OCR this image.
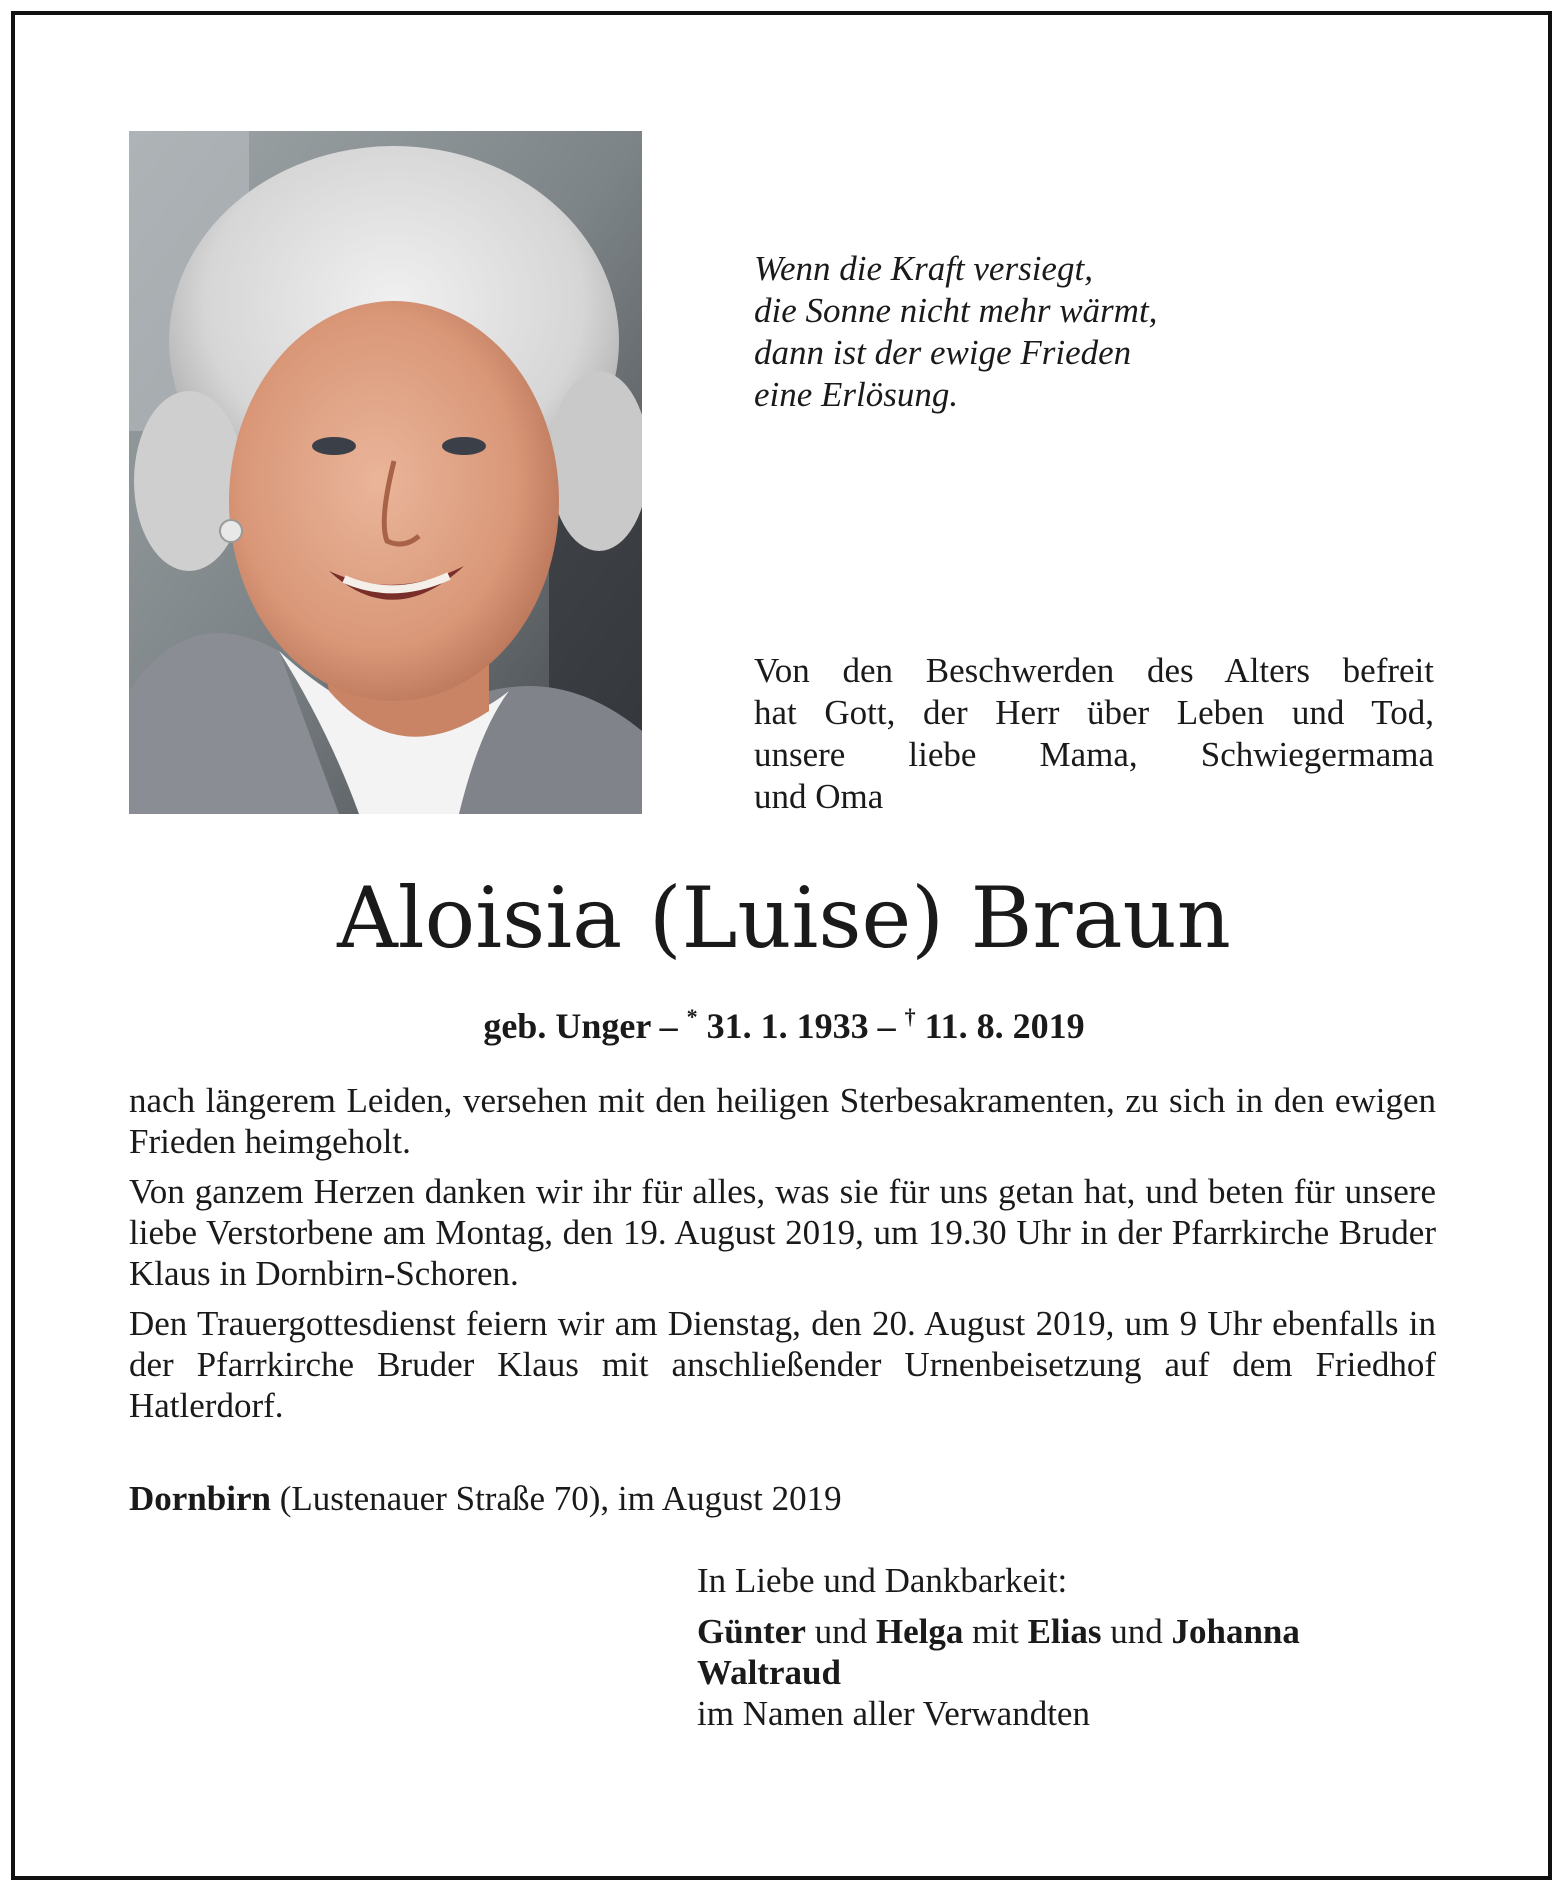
Wenn die Kraft versiegt,
die Sonne nicht mehr wärmt,
dann ist der ewige Frieden
eine Erlösung.
Von den Beschwerden des Alters befreit
hat Gott, der Herr über Leben und Tod,
unsere liebe Mama, Schwiegermama
und Oma
Aloisia (Luise) Braun
geb. Unger – * 31. 1. 1933 – † 11. 8. 2019

nach längerem Leiden, versehen mit den heiligen Sterbesakramenten, zu sich in den ewigen Frieden heimgeholt.

Von ganzem Herzen danken wir ihr für alles, was sie für uns getan hat, und beten für unsere liebe Verstorbene am Montag, den 19. August 2019, um 19.30 Uhr in der Pfarrkirche Bruder Klaus in Dornbirn-Schoren.

Den Trauergottesdienst feiern wir am Dienstag, den 20. August 2019, um 9 Uhr ebenfalls in der Pfarrkirche Bruder Klaus mit anschließender Urnenbeisetzung auf dem Friedhof Hatlerdorf.

Dornbirn (Lustenauer Straße 70), im August 2019
In Liebe und Dankbarkeit:
Günter und Helga mit Elias und Johanna
Waltraud
im Namen aller Verwandten
